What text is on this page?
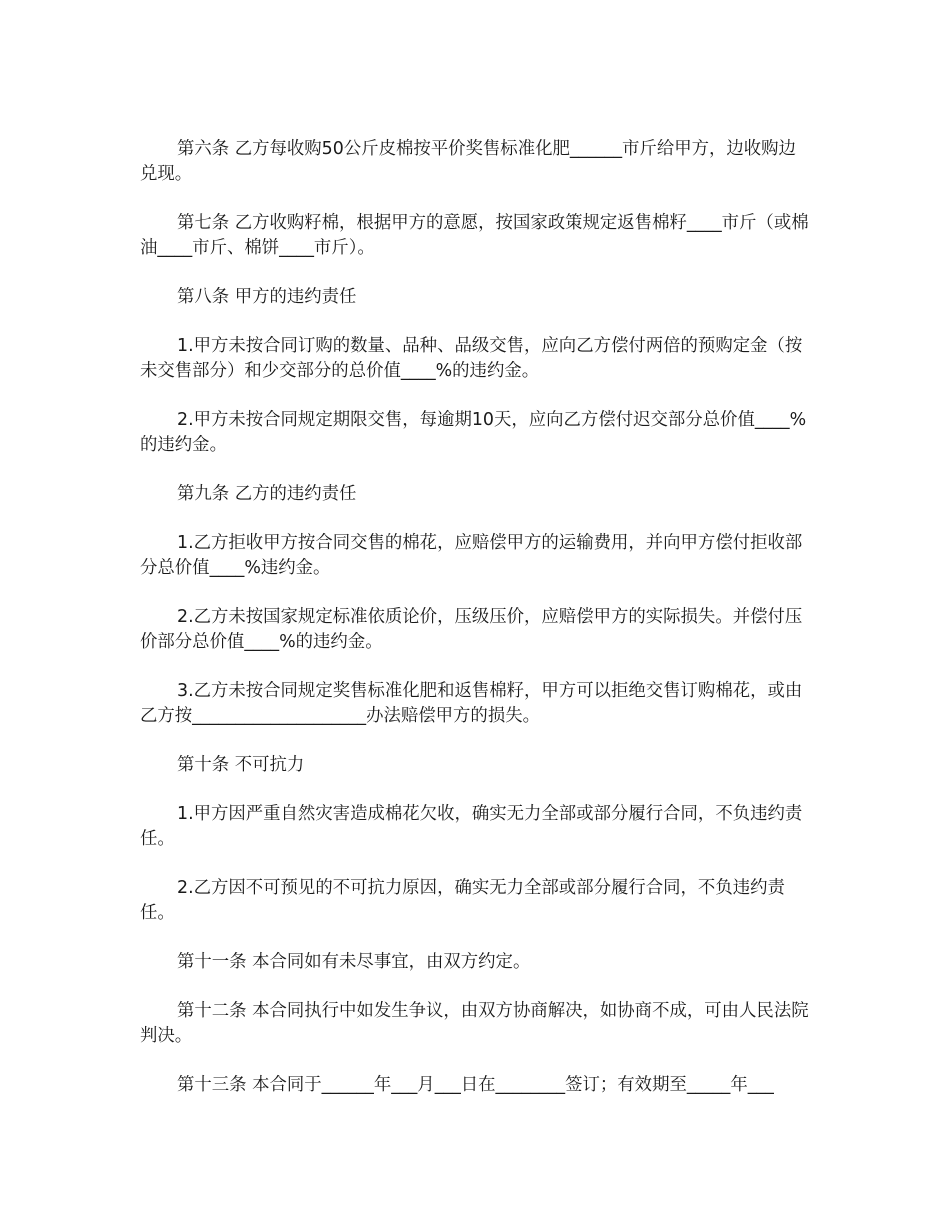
第六条 乙方每收购50公斤皮棉按平价奖售标准化肥______市斤给甲方，边收购边兑现。

第七条 乙方收购籽棉，根据甲方的意愿，按国家政策规定返售棉籽____市斤（或棉油____市斤、棉饼____市斤）。

第八条 甲方的违约责任

1.甲方未按合同订购的数量、品种、品级交售，应向乙方偿付两倍的预购定金（按未交售部分）和少交部分的总价值____%的违约金。

2.甲方未按合同规定期限交售，每逾期10天，应向乙方偿付迟交部分总价值____%的违约金。

第九条 乙方的违约责任

1.乙方拒收甲方按合同交售的棉花，应赔偿甲方的运输费用，并向甲方偿付拒收部分总价值____%违约金。

2.乙方未按国家规定标准依质论价，压级压价，应赔偿甲方的实际损失。并偿付压价部分总价值____%的违约金。

3.乙方未按合同规定奖售标准化肥和返售棉籽，甲方可以拒绝交售订购棉花，或由乙方按____________________办法赔偿甲方的损失。

第十条 不可抗力

1.甲方因严重自然灾害造成棉花欠收，确实无力全部或部分履行合同，不负违约责任。

2.乙方因不可预见的不可抗力原因，确实无力全部或部分履行合同，不负违约责任。

第十一条 本合同如有未尽事宜，由双方约定。

第十二条 本合同执行中如发生争议，由双方协商解决，如协商不成，可由人民法院判决。

第十三条 本合同于______年___月___日在________签订；有效期至_____年___
